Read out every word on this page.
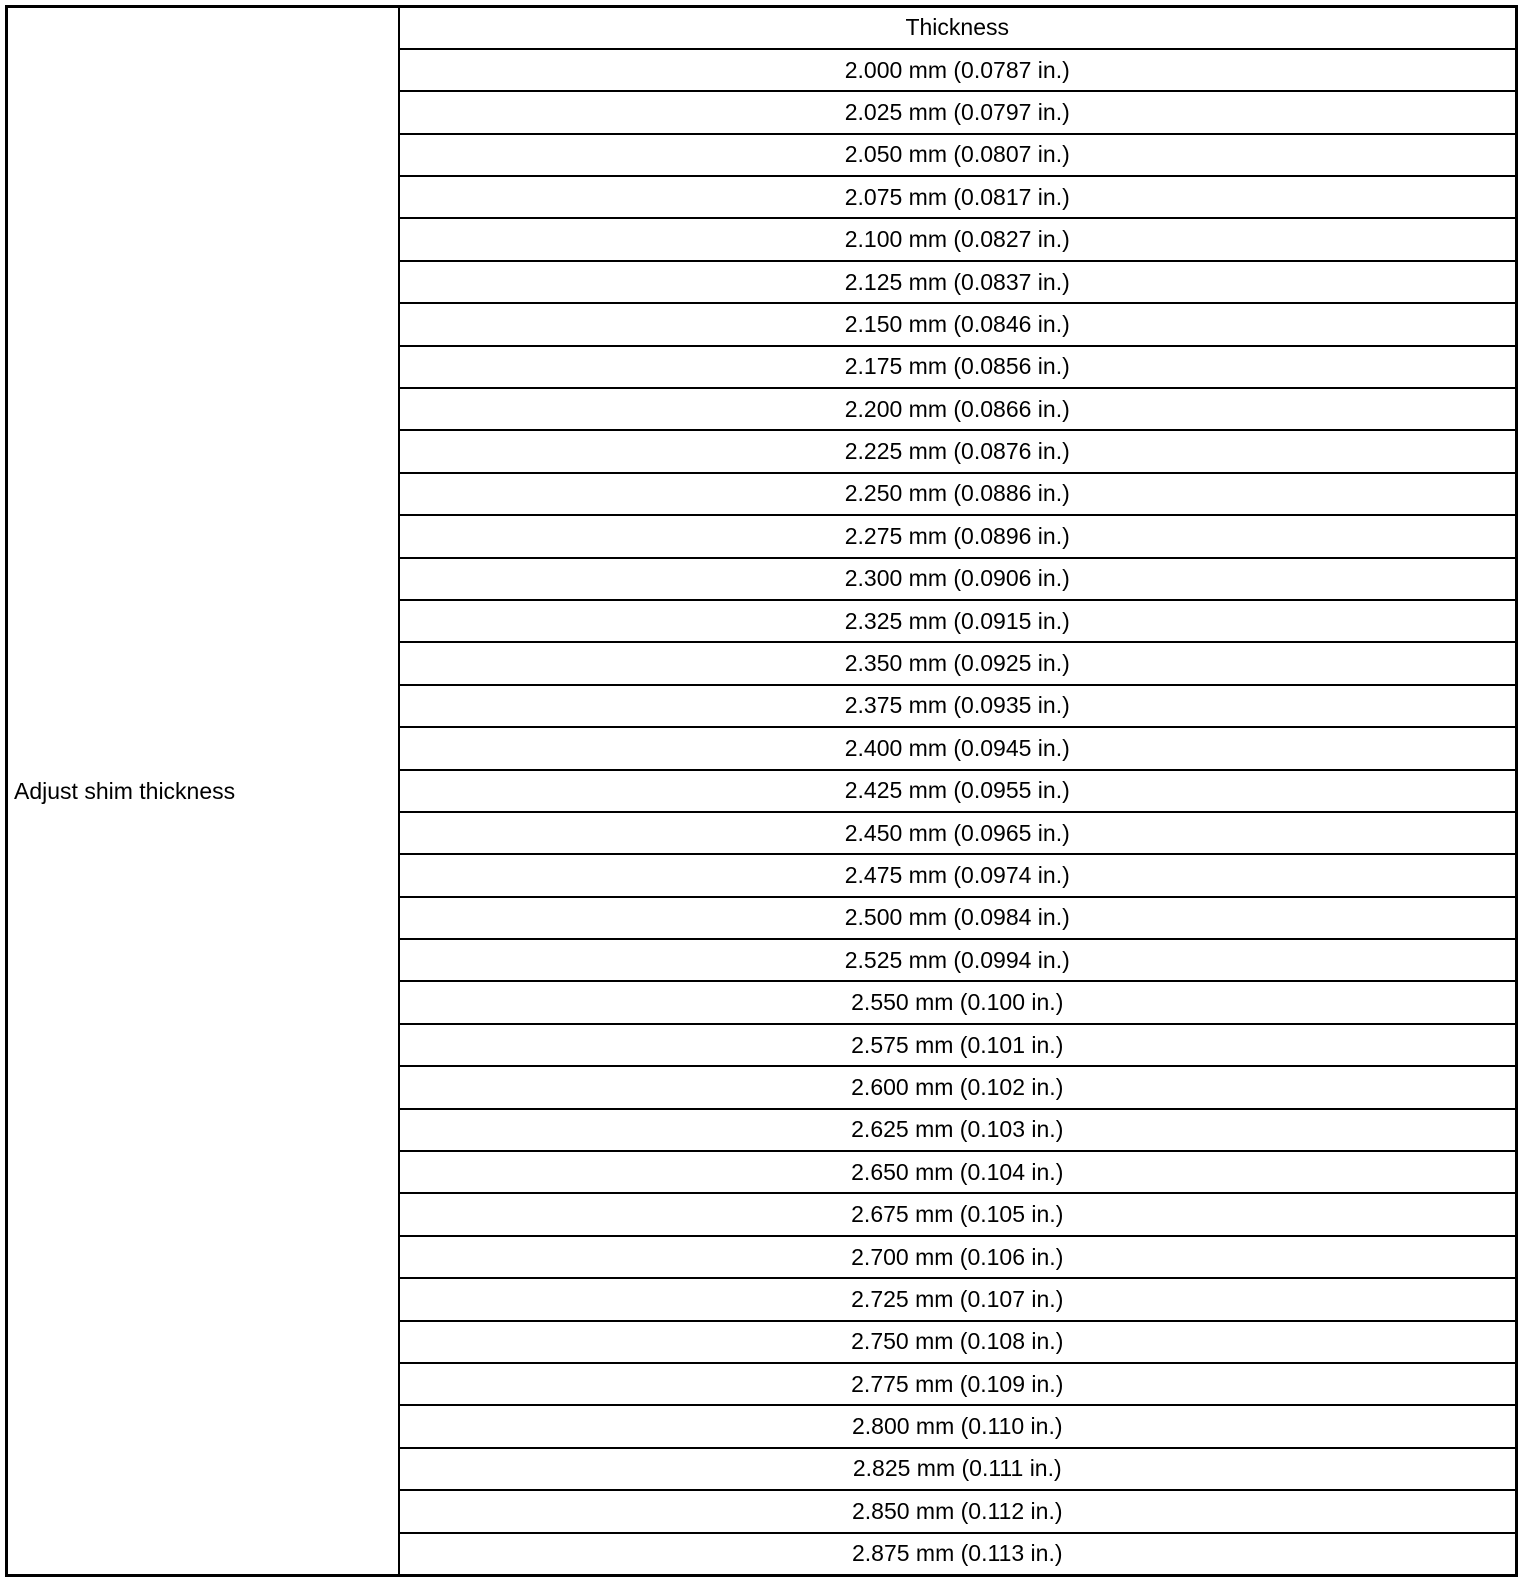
Adjust shim thickness	Thickness
2.000 mm (0.0787 in.)
2.025 mm (0.0797 in.)
2.050 mm (0.0807 in.)
2.075 mm (0.0817 in.)
2.100 mm (0.0827 in.)
2.125 mm (0.0837 in.)
2.150 mm (0.0846 in.)
2.175 mm (0.0856 in.)
2.200 mm (0.0866 in.)
2.225 mm (0.0876 in.)
2.250 mm (0.0886 in.)
2.275 mm (0.0896 in.)
2.300 mm (0.0906 in.)
2.325 mm (0.0915 in.)
2.350 mm (0.0925 in.)
2.375 mm (0.0935 in.)
2.400 mm (0.0945 in.)
2.425 mm (0.0955 in.)
2.450 mm (0.0965 in.)
2.475 mm (0.0974 in.)
2.500 mm (0.0984 in.)
2.525 mm (0.0994 in.)
2.550 mm (0.100 in.)
2.575 mm (0.101 in.)
2.600 mm (0.102 in.)
2.625 mm (0.103 in.)
2.650 mm (0.104 in.)
2.675 mm (0.105 in.)
2.700 mm (0.106 in.)
2.725 mm (0.107 in.)
2.750 mm (0.108 in.)
2.775 mm (0.109 in.)
2.800 mm (0.110 in.)
2.825 mm (0.111 in.)
2.850 mm (0.112 in.)
2.875 mm (0.113 in.)
